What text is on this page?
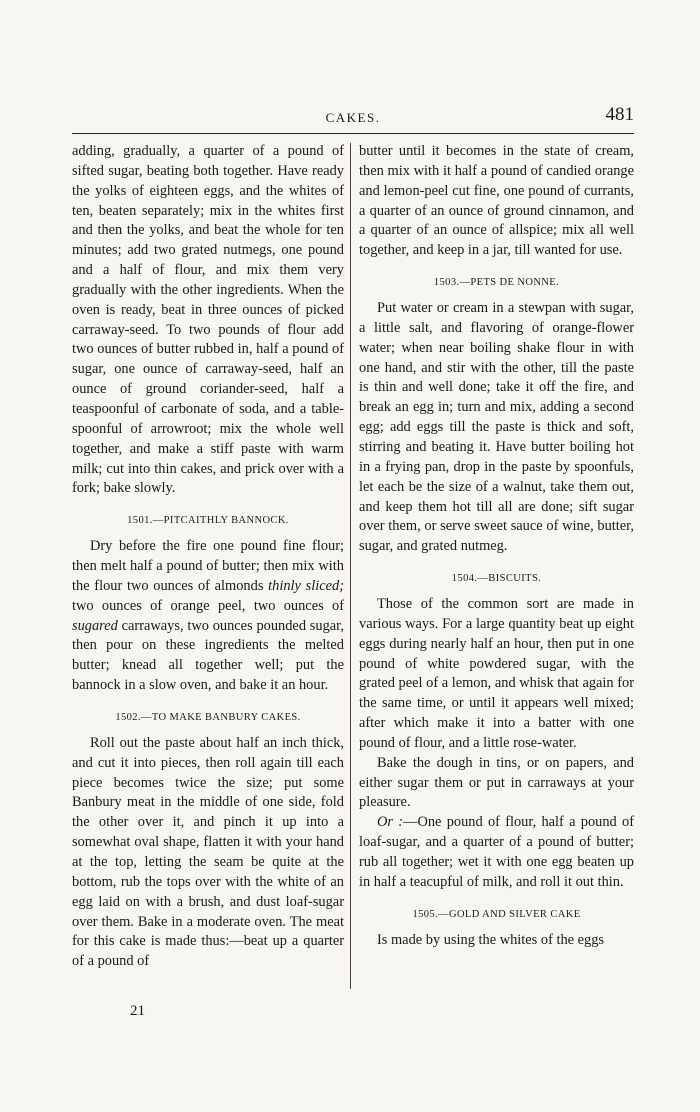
CAKES.	481

adding, gradually, a quarter of a pound of sifted sugar, beating both together. Have ready the yolks of eighteen eggs, and the whites of ten, beaten separately; mix in the whites first and then the yolks, and beat the whole for ten minutes; add two grated nutmegs, one pound and a half of flour, and mix them very gradually with the other ingredients. When the oven is ready, beat in three ounces of picked carraway-seed. To two pounds of flour add two ounces of butter rubbed in, half a pound of sugar, one ounce of carraway-seed, half an ounce of ground coriander-seed, half a teaspoonful of carbonate of soda, and a table-spoonful of arrowroot; mix the whole well together, and make a stiff paste with warm milk; cut into thin cakes, and prick over with a fork; bake slowly.

1501.—PITCAITHLY BANNOCK.

Dry before the fire one pound fine flour; then melt half a pound of butter; then mix with the flour two ounces of almonds thinly sliced; two ounces of orange peel, two ounces of sugared carraways, two ounces pounded sugar, then pour on these ingredients the melted butter; knead all together well; put the bannock in a slow oven, and bake it an hour.

1502.—TO MAKE BANBURY CAKES.

Roll out the paste about half an inch thick, and cut it into pieces, then roll again till each piece becomes twice the size; put some Banbury meat in the middle of one side, fold the other over it, and pinch it up into a somewhat oval shape, flatten it with your hand at the top, letting the seam be quite at the bottom, rub the tops over with the white of an egg laid on with a brush, and dust loaf-sugar over them. Bake in a moderate oven. The meat for this cake is made thus:—beat up a quarter of a pound of

butter until it becomes in the state of cream, then mix with it half a pound of candied orange and lemon-peel cut fine, one pound of currants, a quarter of an ounce of ground cinnamon, and a quarter of an ounce of allspice; mix all well together, and keep in a jar, till wanted for use.

1503.—PETS DE NONNE.

Put water or cream in a stewpan with sugar, a little salt, and flavoring of orange-flower water; when near boiling shake flour in with one hand, and stir with the other, till the paste is thin and well done; take it off the fire, and break an egg in; turn and mix, adding a second egg; add eggs till the paste is thick and soft, stirring and beating it. Have butter boiling hot in a frying pan, drop in the paste by spoonfuls, let each be the size of a walnut, take them out, and keep them hot till all are done; sift sugar over them, or serve sweet sauce of wine, butter, sugar, and grated nutmeg.

1504.—BISCUITS.

Those of the common sort are made in various ways. For a large quantity beat up eight eggs during nearly half an hour, then put in one pound of white powdered sugar, with the grated peel of a lemon, and whisk that again for the same time, or until it appears well mixed; after which make it into a batter with one pound of flour, and a little rose-water.

Bake the dough in tins, or on papers, and either sugar them or put in carraways at your pleasure.

Or :—One pound of flour, half a pound of loaf-sugar, and a quarter of a pound of butter; rub all together; wet it with one egg beaten up in half a teacupful of milk, and roll it out thin.

1505.—GOLD AND SILVER CAKE

Is made by using the whites of the eggs

21
